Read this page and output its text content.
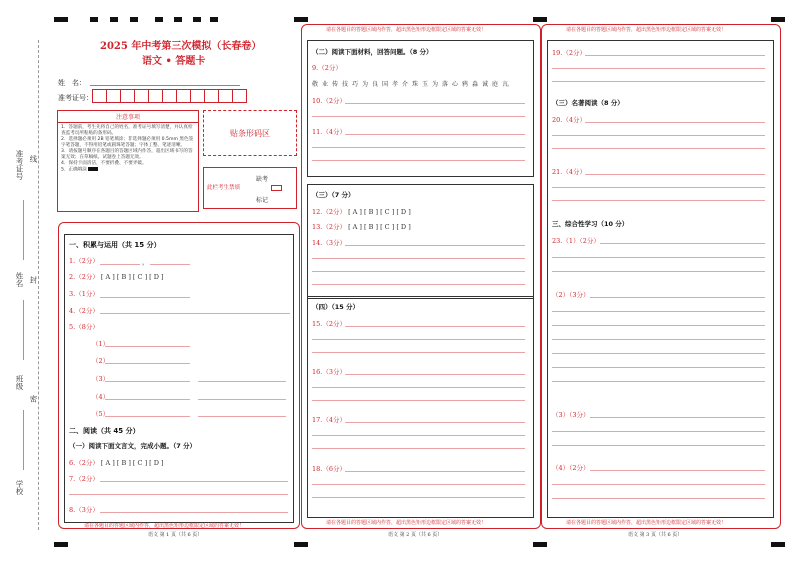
准考证号 线
姓名 封
班级
密
学校
2025 年中考第三次模拟（长春卷）
语文 • 答题卡
姓　名：
准考证号：
注意事项
1．答题前，考生先将自己的姓名，准考证号填写清楚，并认真检查监考员所粘贴的条形码。
2．选择题必须用 2B 铅笔填涂；非选择题必须用 0.5mm 黑色签字笔答题，不得用铅笔或圆珠笔答题；字体工整、笔迹清晰。
3．请按题号顺序在各题目的答题区域内作答，超出区域书写的答案无效；在草稿纸、试题卷上答题无效。
4．保持卡面清洁，不要折叠、不要弄破。
5．正确填涂
贴条形码区
此栏考生禁填
缺考
标记
一、积累与运用（共 15 分）
1.（2分）	，
2.（2分） [ A ] [ B ] [ C ] [ D ]
3.（1分）
4.（2分）
5.（8分）
（1）
（2）
（3）
（4）
（5）
二、阅读（共 45 分）
（一）阅读下面文言文，完成小题。（7 分）
6.（2分） [ A ] [ B ] [ C ] [ D ]
7.（2分）
8.（3分）
请在各题目的答题区域内作答，超出黑色矩形边框限定区域的答案无效！
语文 第 1 页（共 6 页）
请在各题目的答题区域内作答，超出黑色矩形边框限定区域的答案无效！
（二）阅读下面材料，回答问题。（8 分）
9.（2分）
敬　业　传　技　巧　为　良　国　孝　介　珠　玉　为　落　心　鸦　淼　诚　庭　言。
10.（2分）
11.（4分）
（三）（7 分）
12.（2分） [ A ] [ B ] [ C ] [ D ]
13.（2分） [ A ] [ B ] [ C ] [ D ]
14.（3分）
（四）（15 分）
15.（2分）
16.（3分）
17.（4分）
18.（6分）
请在各题目的答题区域内作答，超出黑色矩形边框限定区域的答案无效！
语文 第 2 页（共 6 页）
请在各题目的答题区域内作答，超出黑色矩形边框限定区域的答案无效！
19.（2分）
（三）名著阅读（8 分）
20.（4分）
21.（4分）
三、综合性学习（10 分）
23.（1）（2分）
（2）（3分）
（3）（3分）
（4）（2分）
请在各题目的答题区域内作答，超出黑色矩形边框限定区域的答案无效！
语文 第 3 页（共 6 页）
